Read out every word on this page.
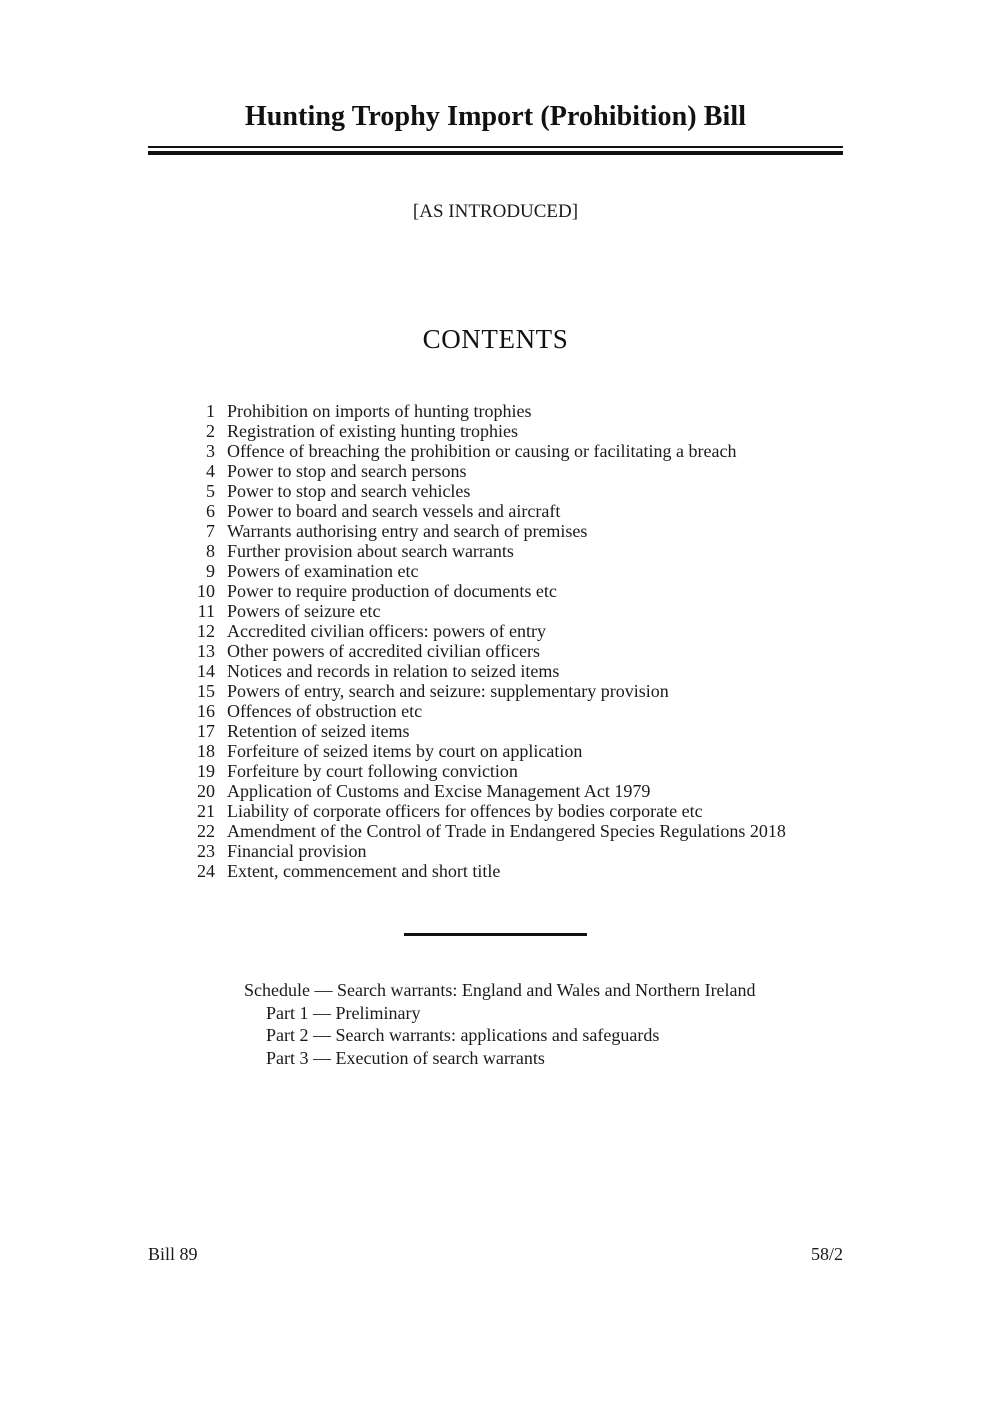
Hunting Trophy Import (Prohibition) Bill
[AS INTRODUCED]
CONTENTS
1 Prohibition on imports of hunting trophies
2 Registration of existing hunting trophies
3 Offence of breaching the prohibition or causing or facilitating a breach
4 Power to stop and search persons
5 Power to stop and search vehicles
6 Power to board and search vessels and aircraft
7 Warrants authorising entry and search of premises
8 Further provision about search warrants
9 Powers of examination etc
10 Power to require production of documents etc
11 Powers of seizure etc
12 Accredited civilian officers: powers of entry
13 Other powers of accredited civilian officers
14 Notices and records in relation to seized items
15 Powers of entry, search and seizure: supplementary provision
16 Offences of obstruction etc
17 Retention of seized items
18 Forfeiture of seized items by court on application
19 Forfeiture by court following conviction
20 Application of Customs and Excise Management Act 1979
21 Liability of corporate officers for offences by bodies corporate etc
22 Amendment of the Control of Trade in Endangered Species Regulations 2018
23 Financial provision
24 Extent, commencement and short title
Schedule — Search warrants: England and Wales and Northern Ireland
Part 1 — Preliminary
Part 2 — Search warrants: applications and safeguards
Part 3 — Execution of search warrants
Bill 89	58/2
